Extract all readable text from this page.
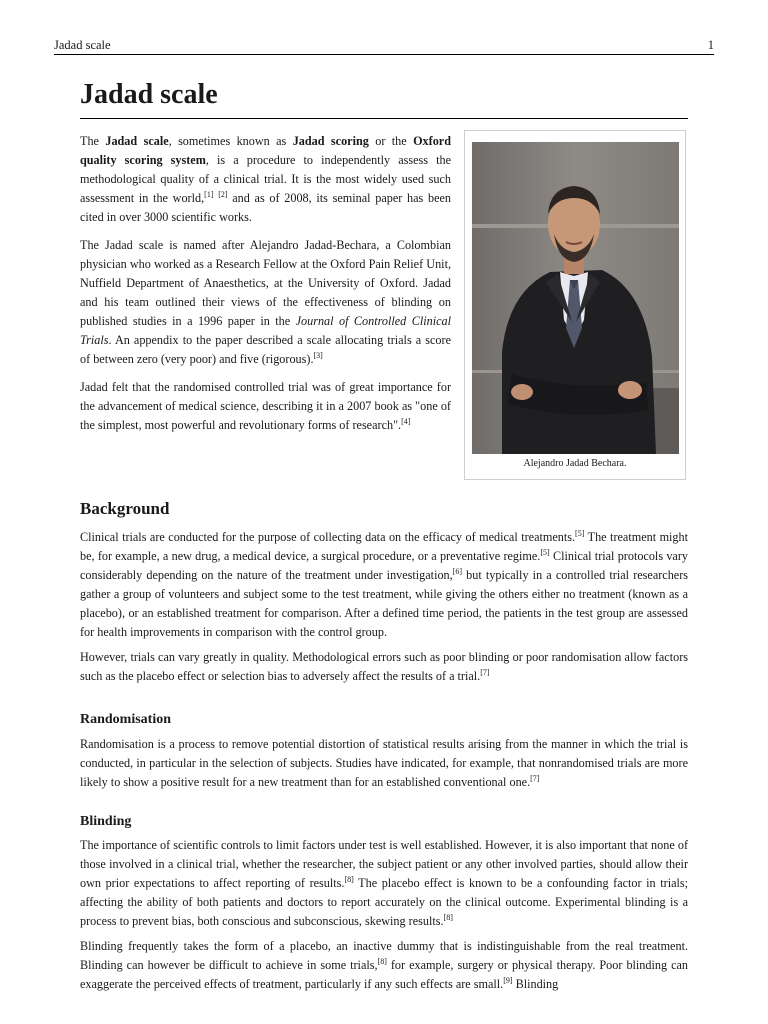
Jadad scale	1
Jadad scale

The Jadad scale, sometimes known as Jadad scoring or the Oxford quality scoring system, is a procedure to independently assess the methodological quality of a clinical trial. It is the most widely used such assessment in the world,[1] [2] and as of 2008, its seminal paper has been cited in over 3000 scientific works.

The Jadad scale is named after Alejandro Jadad-Bechara, a Colombian physician who worked as a Research Fellow at the Oxford Pain Relief Unit, Nuffield Department of Anaesthetics, at the University of Oxford. Jadad and his team outlined their views of the effectiveness of blinding on published studies in a 1996 paper in the Journal of Controlled Clinical Trials. An appendix to the paper described a scale allocating trials a score of between zero (very poor) and five (rigorous).[3]

Jadad felt that the randomised controlled trial was of great importance for the advancement of medical science, describing it in a 2007 book as "one of the simplest, most powerful and revolutionary forms of research".[4]

Alejandro Jadad Bechara.
Background

Clinical trials are conducted for the purpose of collecting data on the efficacy of medical treatments.[5] The treatment might be, for example, a new drug, a medical device, a surgical procedure, or a preventative regime.[5] Clinical trial protocols vary considerably depending on the nature of the treatment under investigation,[6] but typically in a controlled trial researchers gather a group of volunteers and subject some to the test treatment, while giving the others either no treatment (known as a placebo), or an established treatment for comparison. After a defined time period, the patients in the test group are assessed for health improvements in comparison with the control group.

However, trials can vary greatly in quality. Methodological errors such as poor blinding or poor randomisation allow factors such as the placebo effect or selection bias to adversely affect the results of a trial.[7]

Randomisation

Randomisation is a process to remove potential distortion of statistical results arising from the manner in which the trial is conducted, in particular in the selection of subjects. Studies have indicated, for example, that nonrandomised trials are more likely to show a positive result for a new treatment than for an established conventional one.[7]

Blinding

The importance of scientific controls to limit factors under test is well established. However, it is also important that none of those involved in a clinical trial, whether the researcher, the subject patient or any other involved parties, should allow their own prior expectations to affect reporting of results.[8] The placebo effect is known to be a confounding factor in trials; affecting the ability of both patients and doctors to report accurately on the clinical outcome. Experimental blinding is a process to prevent bias, both conscious and subconscious, skewing results.[8]

Blinding frequently takes the form of a placebo, an inactive dummy that is indistinguishable from the real treatment. Blinding can however be difficult to achieve in some trials,[8] for example, surgery or physical therapy. Poor blinding can exaggerate the perceived effects of treatment, particularly if any such effects are small.[9] Blinding
